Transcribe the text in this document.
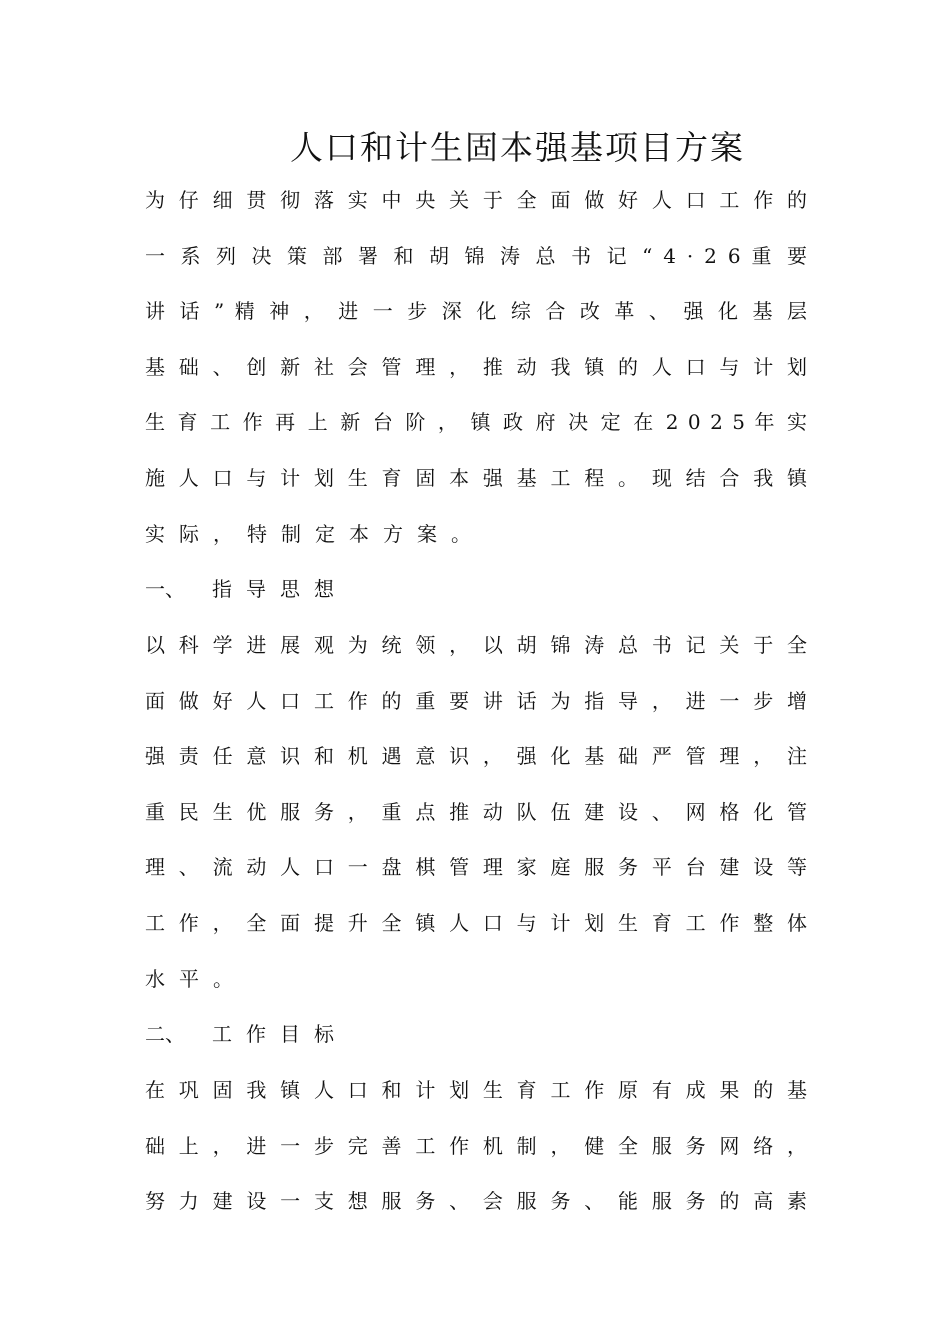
人口和计生固本强基项目方案
为 仔 细 贯 彻 落 实 中 央 关 于 全 面 做 好 人 口 工 作 的
一 系 列 决 策 部 署 和 胡 锦 涛 总 书 记 “ 4 · 2 6 重 要
讲 话 ” 精 神 ， 进 一 步 深 化 综 合 改 革 、 强 化 基 层
基 础 、 创 新 社 会 管 理 ， 推 动 我 镇 的 人 口 与 计 划
生 育 工 作 再 上 新 台 阶 ， 镇 政 府 决 定 在 2 0 2 5 年 实
施 人 口 与 计 划 生 育 固 本 强 基 工 程 。 现 结 合 我 镇
实际，特制定本方案。
一、	指导思想
以 科 学 进 展 观 为 统 领 ， 以 胡 锦 涛 总 书 记 关 于 全
面 做 好 人 口 工 作 的 重 要 讲 话 为 指 导 ， 进 一 步 增
强 责 任 意 识 和 机 遇 意 识 ， 强 化 基 础 严 管 理 ， 注
重 民 生 优 服 务 ， 重 点 推 动 队 伍 建 设 、 网 格 化 管
理 、 流 动 人 口 一 盘 棋 管 理 家 庭 服 务 平 台 建 设 等
工 作 ， 全 面 提 升 全 镇 人 口 与 计 划 生 育 工 作 整 体
水平。
二、	工作目标
在 巩 固 我 镇 人 口 和 计 划 生 育 工 作 原 有 成 果 的 基
础 上 ， 进 一 步 完 善 工 作 机 制 ， 健 全 服 务 网 络 ，
努 力 建 设 一 支 想 服 务 、 会 服 务 、 能 服 务 的 高 素
